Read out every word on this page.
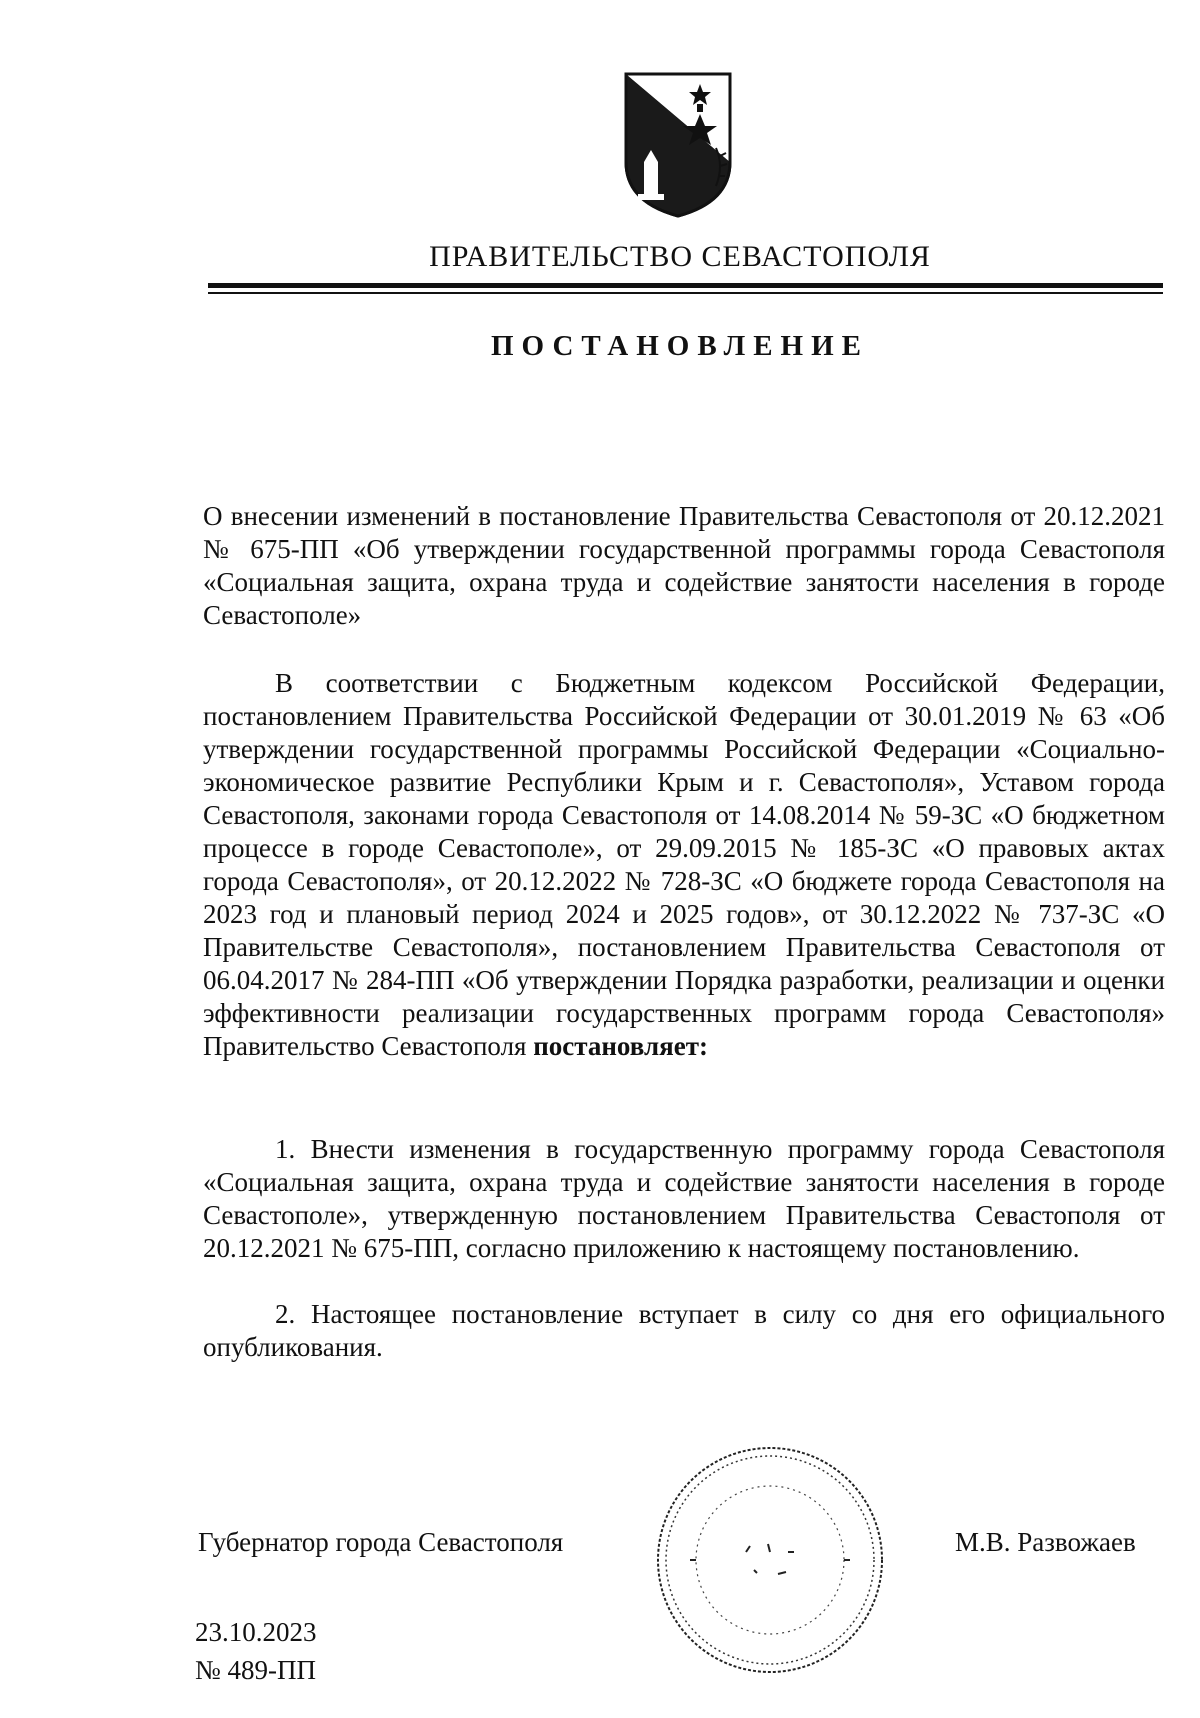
ПРАВИТЕЛЬСТВО СЕВАСТОПОЛЯ
ПОСТАНОВЛЕНИЕ
О внесении изменений в постановление Правительства Севастополя от 20.12.2021 № 675-ПП «Об утверждении государственной программы города Севастополя «Социальная защита, охрана труда и содействие занятости населения в городе Севастополе»
В соответствии с Бюджетным кодексом Российской Федерации, постановлением Правительства Российской Федерации от 30.01.2019 № 63 «Об утверждении государственной программы Российской Федерации «Социально-экономическое развитие Республики Крым и г. Севастополя», Уставом города Севастополя, законами города Севастополя от 14.08.2014 № 59-ЗС «О бюджетном процессе в городе Севастополе», от 29.09.2015 № 185-ЗС «О правовых актах города Севастополя», от 20.12.2022 № 728-ЗС «О бюджете города Севастополя на 2023 год и плановый период 2024 и 2025 годов», от 30.12.2022 № 737-ЗС «О Правительстве Севастополя», постановлением Правительства Севастополя от 06.04.2017 № 284-ПП «Об утверждении Порядка разработки, реализации и оценки эффективности реализации государственных программ города Севастополя» Правительство Севастополя постановляет:
1. Внести изменения в государственную программу города Севастополя «Социальная защита, охрана труда и содействие занятости населения в городе Севастополе», утвержденную постановлением Правительства Севастополя от 20.12.2021 № 675-ПП, согласно приложению к настоящему постановлению.
2. Настоящее постановление вступает в силу со дня его официального опубликования.
Губернатор города Севастополя	М.В. Развожаев
23.10.2023
№ 489-ПП
